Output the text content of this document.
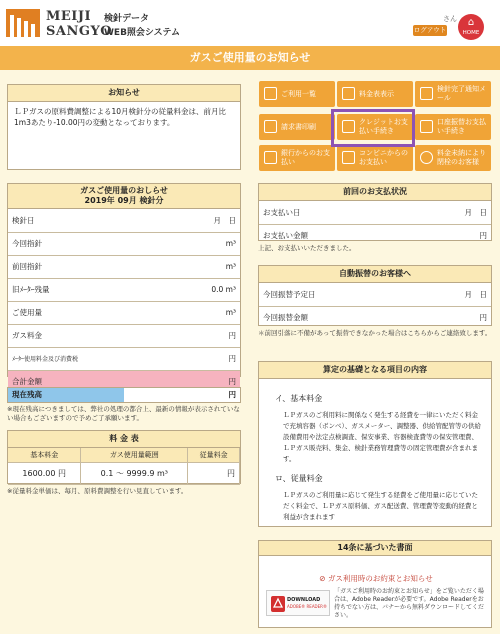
MEIJI
SANGYO
検針データ
WEB照会システム
さん
ログアウト
⌂
HOME
ガスご使用量のお知らせ
お知らせ
ＬＰガスの原料費調整による10月検針分の従量料金は、前月比1m3あたり-10.00円の変動となっております。
ガスご使用量のおしらせ
2019年 09月 検針分
検針日	月　日
今回指針	m³
前回指針	m³
旧ﾒｰﾀｰ残量	0.0 m³
ご使用量	m³
ガス料金	円
ﾒｰﾀｰ使用料金及び消費税	円
合計金額	円
現在残高	円
※現在残高につきましては、弊社の処理の都合上、最新の情報が表示されていない場合もございますので予めご了承願います。
料 金 表
基本料金	ガス使用量範囲	従量料金
1600.00 円	0.1 〜 9999.9 m³	円
※従量料金単価は、毎月、原料費調整を行い見直しています。
ご利用一覧	料金表表示
検針完了通知メール
請求書印刷
クレジットお支払い手続き
口座振替お支払い手続き
銀行からのお支払い
コンビニからのお支払い
料金未納により閉栓のお客様
前回のお支払状況
お支払い日	月　日
お支払い金額	円
上記、お支払いいただきました。
自動振替のお客様へ
今回振替予定日	月　日
今回振替金額	円
＊前回引落に不備があって振替できなかった場合はこちらからご連絡致します。
算定の基礎となる項目の内容
イ、基本料金
ＬＰガスのご利用料に関係なく発生する経費を一律にいただく料金で充填容器（ボンベ）、ガスメーター、調整器、供給管配管等の供給設備費用や法定点検調査、保安事業、容器検査費等の保安管理費、ＬＰガス販売料、集金、検針業務管理費等の固定管理費が含まれます。
ロ、従量料金
ＬＰガスのご利用量に応じて発生する経費をご使用量に応じていただく料金で、ＬＰガス原料価、ガス配送費、管理費等変動的経費と利益が含まれます
14条に基づいた書面
⊘ ガス利用時のお約束とお知らせ
DOWNLOAD
ADOBE® READER®
「ガスご利用時のお約束とお知らせ」をご覧いただく場合は、Adobe Readerが必要です。Adobe Readerをお持ちでない方は、バナーから無料ダウンロードしてください。
